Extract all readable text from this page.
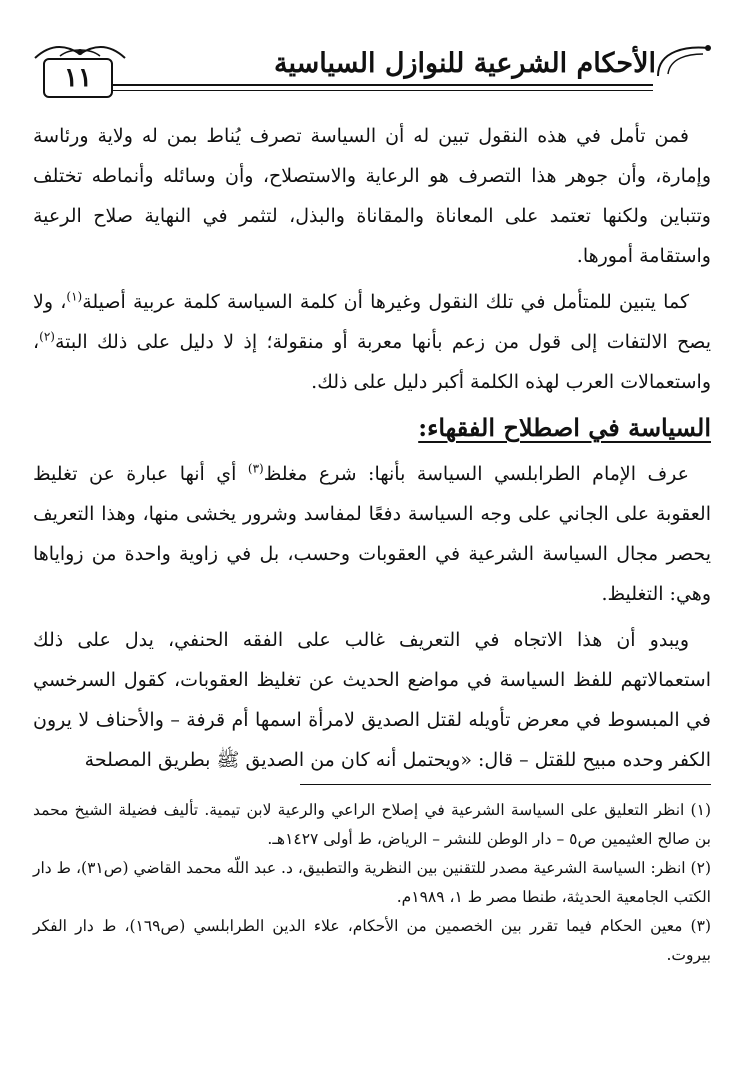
الأحكام الشرعية للنوازل السياسية
١١

فمن تأمل في هذه النقول تبين له أن السياسة تصرف يُناط بمن له ولاية ورئاسة وإمارة، وأن جوهر هذا التصرف هو الرعاية والاستصلاح، وأن وسائله وأنماطه تختلف وتتباين ولكنها تعتمد على المعاناة والمقاناة والبذل، لتثمر في النهاية صلاح الرعية واستقامة أمورها.

كما يتبين للمتأمل في تلك النقول وغيرها أن كلمة السياسة كلمة عربية أصيلة$^{(١)}$، ولا يصح الالتفات إلى قول من زعم بأنها معربة أو منقولة؛ إذ لا دليل على ذلك البتة$^{(٢)}$، واستعمالات العرب لهذه الكلمة أكبر دليل على ذلك.

السياسة في اصطلاح الفقهاء:

عرف الإمام الطرابلسي السياسة بأنها: شرع مغلظ$^{(٣)}$ أي أنها عبارة عن تغليظ العقوبة على الجاني على وجه السياسة دفعًا لمفاسد وشرور يخشى منها، وهذا التعريف يحصر مجال السياسة الشرعية في العقوبات وحسب، بل في زاوية واحدة من زواياها وهي: التغليظ.

ويبدو أن هذا الاتجاه في التعريف غالب على الفقه الحنفي، يدل على ذلك استعمالاتهم للفظ السياسة في مواضع الحديث عن تغليظ العقوبات، كقول السرخسي في المبسوط في معرض تأويله لقتل الصديق لامرأة اسمها أم قرفة – والأحناف لا يرون الكفر وحده مبيح للقتل – قال: «ويحتمل أنه كان من الصديق ﷺ بطريق المصلحة

(١) انظر التعليق على السياسة الشرعية في إصلاح الراعي والرعية لابن تيمية. تأليف فضيلة الشيخ محمد بن صالح العثيمين ص٥ – دار الوطن للنشر – الرياض، ط أولى ١٤٢٧هـ.
(٢) انظر: السياسة الشرعية مصدر للتقنين بين النظرية والتطبيق، د. عبد اللّه محمد القاضي (ص٣١)، ط دار الكتب الجامعية الحديثة، طنطا مصر ط ١، ١٩٨٩م.
(٣) معين الحكام فيما تقرر بين الخصمين من الأحكام، علاء الدين الطرابلسي (ص١٦٩)، ط دار الفكر بيروت.
